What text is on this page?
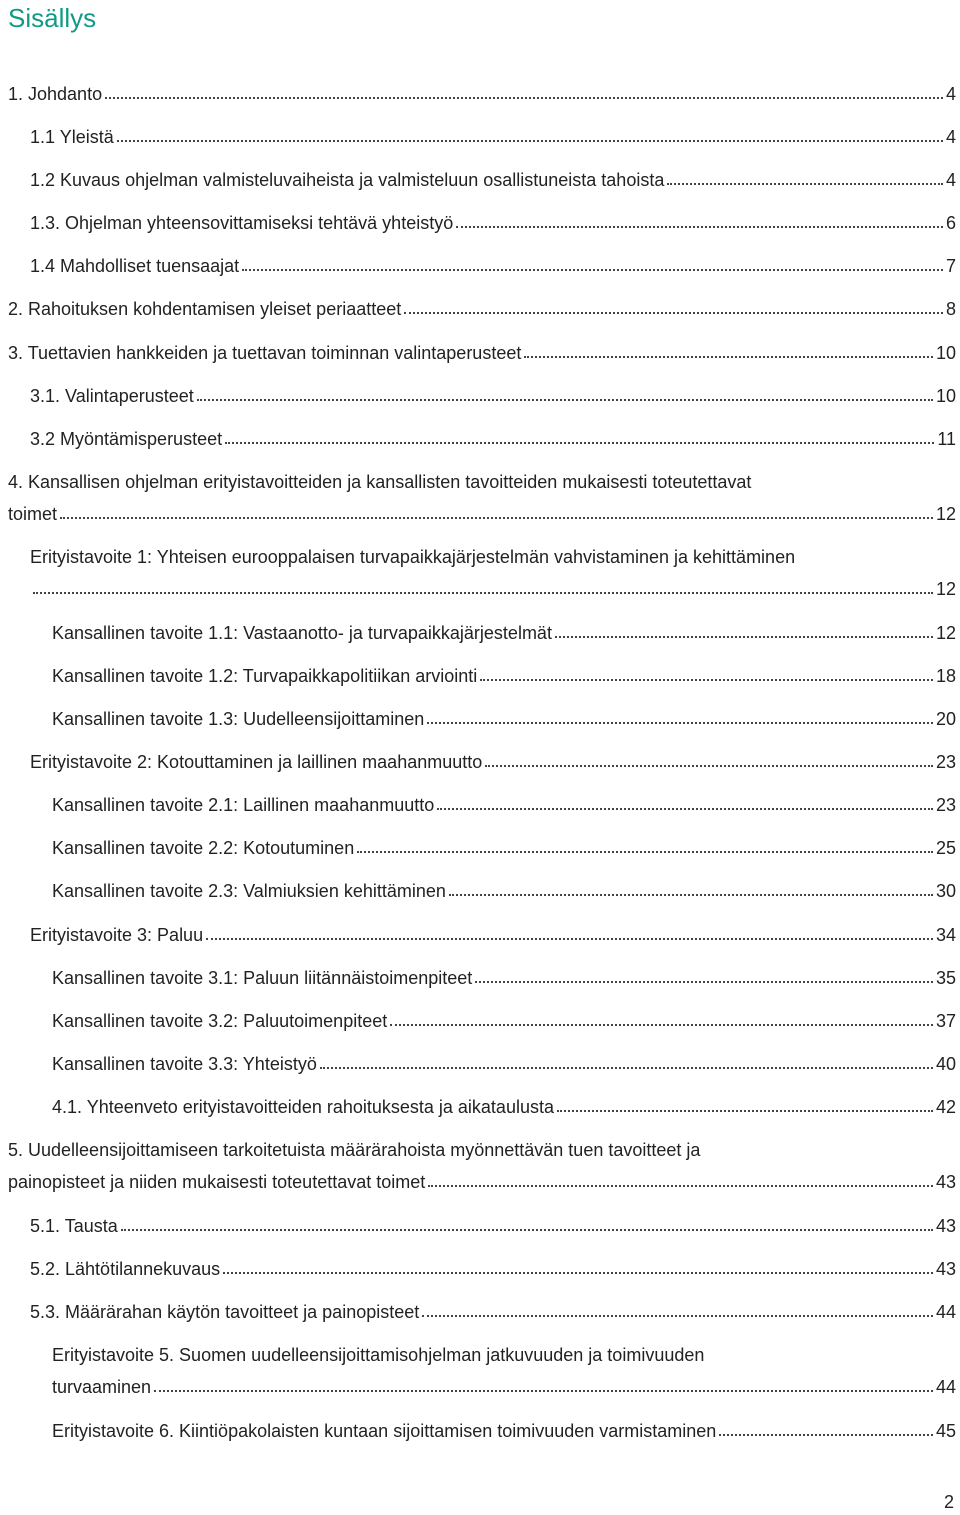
Sisällys
1. Johdanto	4
1.1 Yleistä	4
1.2 Kuvaus ohjelman valmisteluvaiheista ja valmisteluun osallistuneista tahoista	4
1.3. Ohjelman yhteensovittamiseksi tehtävä yhteistyö	6
1.4 Mahdolliset tuensaajat	7
2. Rahoituksen kohdentamisen yleiset periaatteet	8
3. Tuettavien hankkeiden ja tuettavan toiminnan valintaperusteet	10
3.1. Valintaperusteet	10
3.2 Myöntämisperusteet	11
4. Kansallisen ohjelman erityistavoitteiden ja kansallisten tavoitteiden mukaisesti toteutettavat
toimet	12
Erityistavoite 1: Yhteisen eurooppalaisen turvapaikkajärjestelmän vahvistaminen ja kehittäminen
12
Kansallinen tavoite 1.1: Vastaanotto- ja turvapaikkajärjestelmät	12
Kansallinen tavoite 1.2: Turvapaikkapolitiikan arviointi	18
Kansallinen tavoite 1.3: Uudelleensijoittaminen	20
Erityistavoite 2: Kotouttaminen ja laillinen maahanmuutto	23
Kansallinen tavoite 2.1: Laillinen maahanmuutto	23
Kansallinen tavoite 2.2: Kotoutuminen	25
Kansallinen tavoite 2.3: Valmiuksien kehittäminen	30
Erityistavoite 3: Paluu	34
Kansallinen tavoite 3.1: Paluun liitännäistoimenpiteet	35
Kansallinen tavoite 3.2: Paluutoimenpiteet	37
Kansallinen tavoite 3.3: Yhteistyö	40
4.1. Yhteenveto erityistavoitteiden rahoituksesta ja aikataulusta	42
5. Uudelleensijoittamiseen tarkoitetuista määrärahoista myönnettävän tuen tavoitteet ja
painopisteet ja niiden mukaisesti toteutettavat toimet	43
5.1. Tausta	43
5.2. Lähtötilannekuvaus	43
5.3. Määrärahan käytön tavoitteet ja painopisteet	44
Erityistavoite 5. Suomen uudelleensijoittamisohjelman jatkuvuuden ja toimivuuden
turvaaminen	44
Erityistavoite 6. Kiintiöpakolaisten kuntaan sijoittamisen toimivuuden varmistaminen	45
2
